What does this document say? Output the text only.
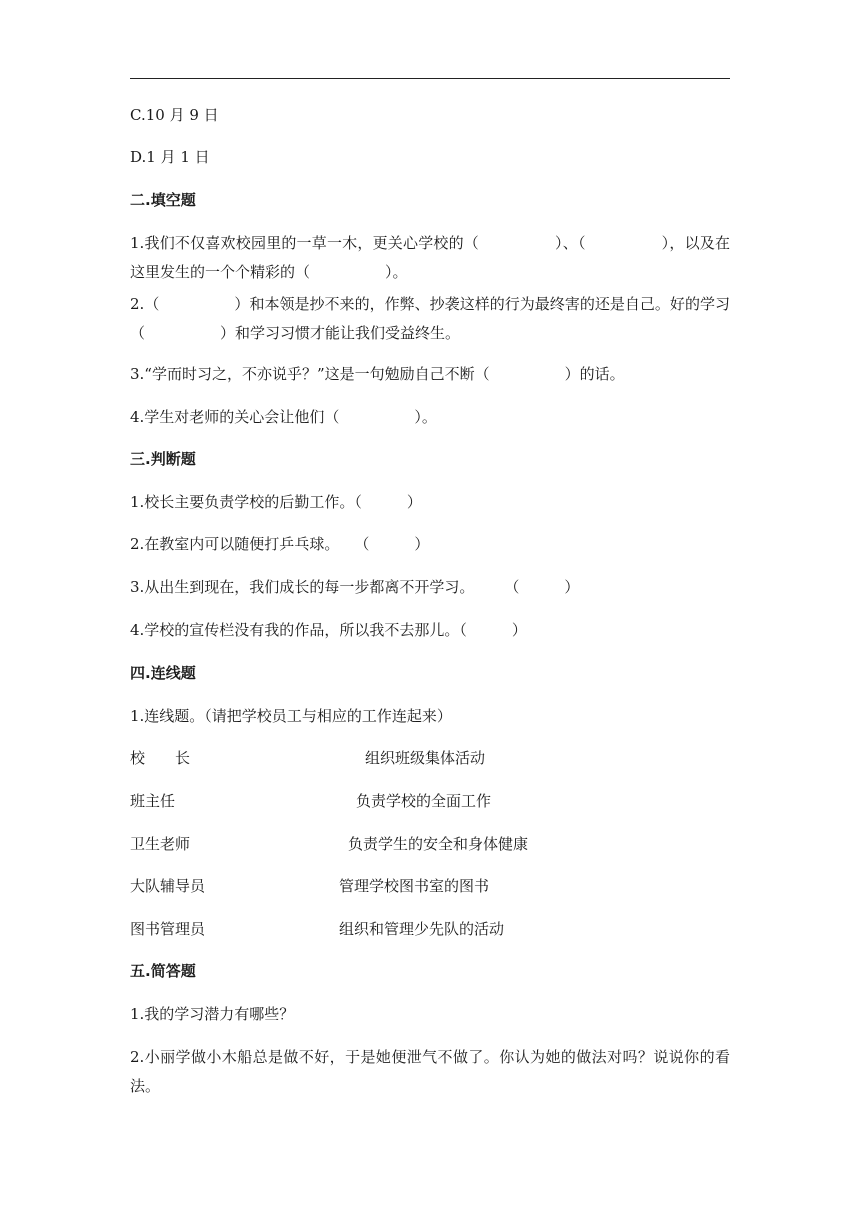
C.10 月 9 日
D.1 月 1 日
二.填空题
1.我们不仅喜欢校园里的一草一木，更关心学校的（　　　　　）、（　　　　　），以及在这里发生的一个个精彩的（　　　　　）。
2.（　　　　　）和本领是抄不来的，作弊、抄袭这样的行为最终害的还是自己。好的学习（　　　　　）和学习习惯才能让我们受益终生。
3.“学而时习之，不亦说乎？”这是一句勉励自己不断（　　　　　）的话。
4.学生对老师的关心会让他们（　　　　　）。
三.判断题
1.校长主要负责学校的后勤工作。（　　　）
2.在教室内可以随便打乒乓球。　　（　　　）
3.从出生到现在，我们成长的每一步都离不开学习。　　　（　　　）
4.学校的宣传栏没有我的作品，所以我不去那儿。（　　　）
四.连线题
1.连线题。（请把学校员工与相应的工作连起来）
校　　长	组织班级集体活动
班主任	负责学校的全面工作
卫生老师	负责学生的安全和身体健康
大队辅导员	管理学校图书室的图书
图书管理员	组织和管理少先队的活动
五.简答题
1.我的学习潜力有哪些？
2.小丽学做小木船总是做不好，于是她便泄气不做了。你认为她的做法对吗？说说你的看法。
